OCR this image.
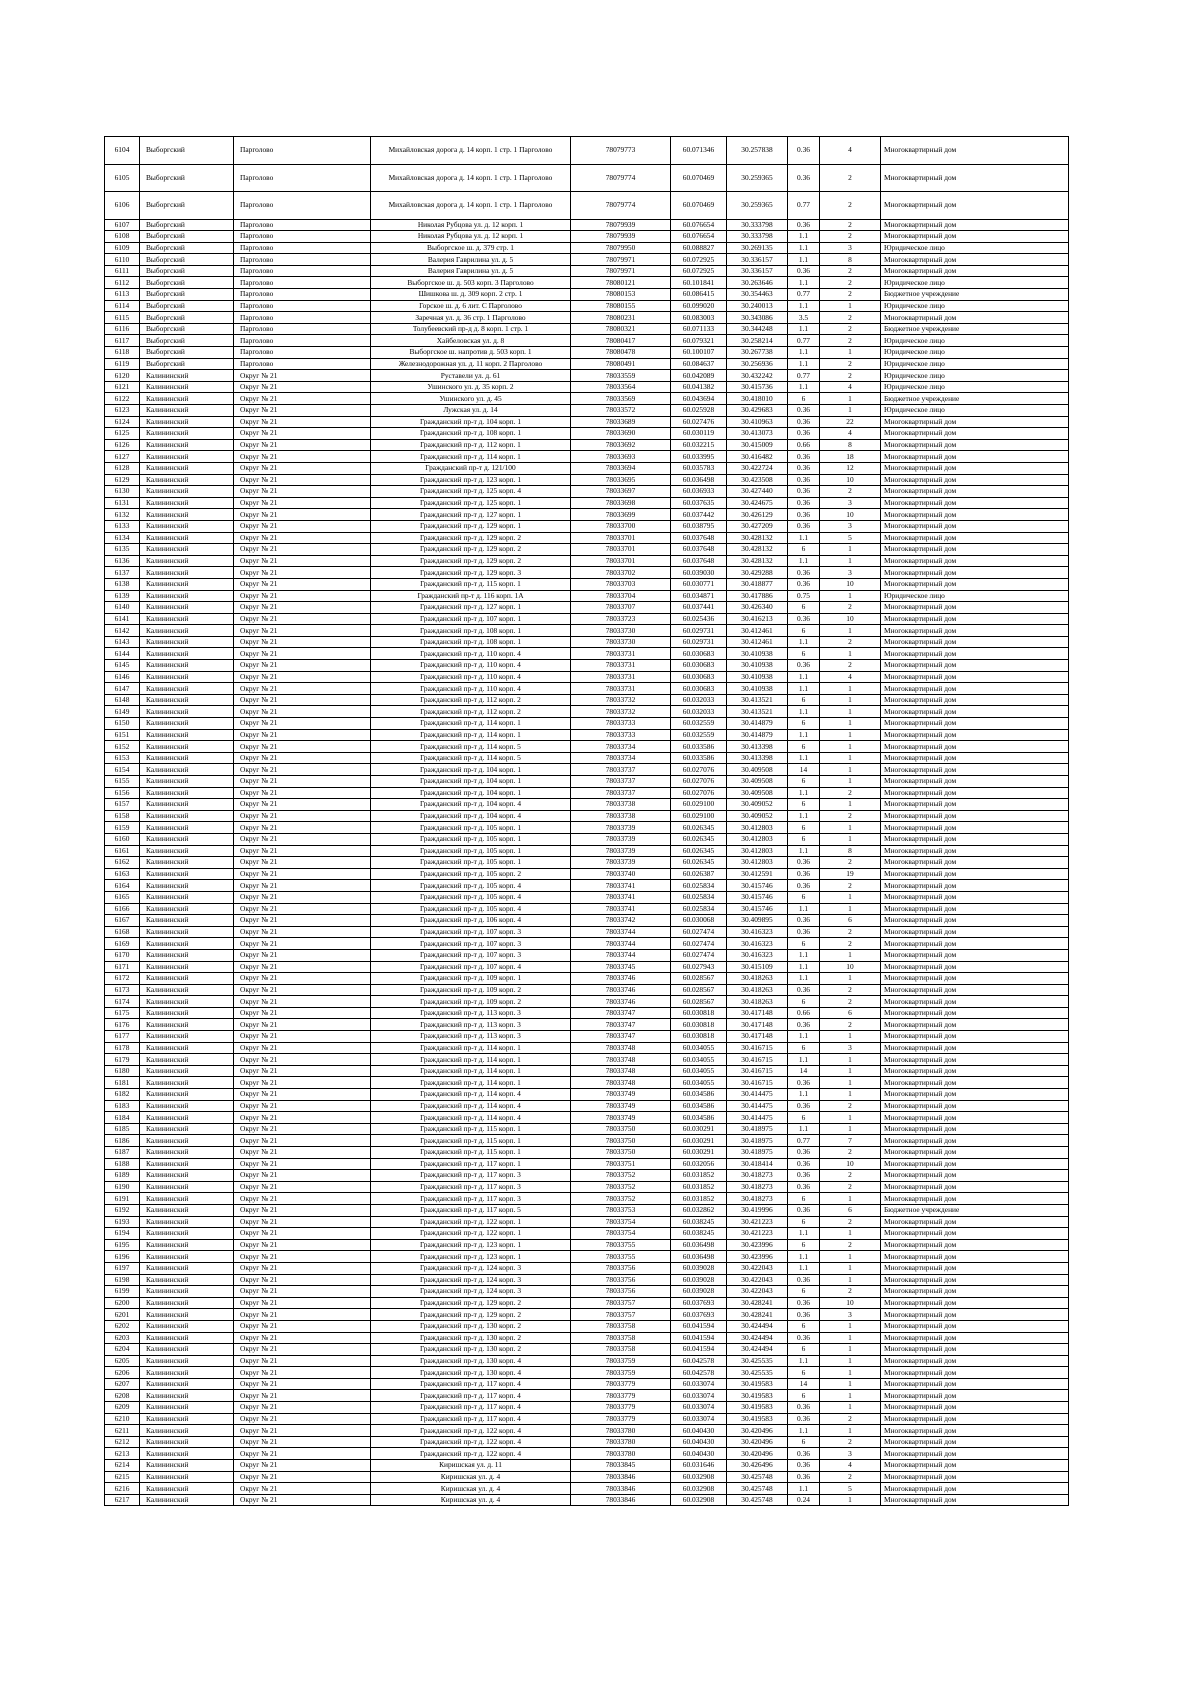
6104	Выборгский	Парголово	Михайловская дорога д. 14 корп. 1 стр. 1 Парголово	78079773	60.071346	30.257838	0.36	4	Многоквартирный дом
6105	Выборгский	Парголово	Михайловская дорога д. 14 корп. 1 стр. 1 Парголово	78079774	60.070469	30.259365	0.36	2	Многоквартирный дом
6106	Выборгский	Парголово	Михайловская дорога д. 14 корп. 1 стр. 1 Парголово	78079774	60.070469	30.259365	0.77	2	Многоквартирный дом
6107	Выборгский	Парголово	Николая Рубцова ул. д. 12 корп. 1	78079939	60.076654	30.333798	0.36	2	Многоквартирный дом
6108	Выборгский	Парголово	Николая Рубцова ул. д. 12 корп. 1	78079939	60.076654	30.333798	1.1	2	Многоквартирный дом
6109	Выборгский	Парголово	Выборгское ш. д. 379 стр. 1	78079950	60.088827	30.269135	1.1	3	Юридическое лицо
6110	Выборгский	Парголово	Валерия Гаврилина ул. д. 5	78079971	60.072925	30.336157	1.1	8	Многоквартирный дом
6111	Выборгский	Парголово	Валерия Гаврилина ул. д. 5	78079971	60.072925	30.336157	0.36	2	Многоквартирный дом
6112	Выборгский	Парголово	Выборгское ш. д. 503 корп. 3 Парголово	78080121	60.101841	30.263646	1.1	2	Юридическое лицо
6113	Выборгский	Парголово	Шишкова ш. д. 309 корп. 2 стр. 1	78080153	60.086415	30.354463	0.77	2	Бюджетное учреждение
6114	Выборгский	Парголово	Горское ш. д. 6 лит. С Парголово	78080155	60.099020	30.240013	1.1	1	Юридическое лицо
6115	Выборгский	Парголово	Заречная ул. д. 36 стр. 1 Парголово	78080231	60.083003	30.343086	3.5	2	Многоквартирный дом
6116	Выборгский	Парголово	Толубеевский пр-д д. 8 корп. 1 стр. 1	78080321	60.071133	30.344248	1.1	2	Бюджетное учреждение
6117	Выборгский	Парголово	Хайбеловская ул. д. 8	78080417	60.079321	30.258214	0.77	2	Юридическое лицо
6118	Выборгский	Парголово	Выборгское ш. напротив д. 503 корп. 1	78080478	60.100107	30.267738	1.1	1	Юридическое лицо
6119	Выборгский	Парголово	Железнодорожная ул. д. 11 корп. 2 Парголово	78080491	60.084637	30.256936	1.1	2	Юридическое лицо
6120	Калининский	Округ № 21	Руставели ул. д. 61	78033559	60.042089	30.432242	0.77	2	Юридическое лицо
6121	Калининский	Округ № 21	Ушинского ул. д. 35 корп. 2	78033564	60.041382	30.415736	1.1	4	Юридическое лицо
6122	Калининский	Округ № 21	Ушинского ул. д. 45	78033569	60.043694	30.418010	6	1	Бюджетное учреждение
6123	Калининский	Округ № 21	Лужская ул. д. 14	78033572	60.025928	30.429683	0.36	1	Юридическое лицо
6124	Калининский	Округ № 21	Гражданский пр-т д. 104 корп. 1	78033689	60.027476	30.410963	0.36	22	Многоквартирный дом
6125	Калининский	Округ № 21	Гражданский пр-т д. 108 корп. 1	78033690	60.030119	30.413073	0.36	4	Многоквартирный дом
6126	Калининский	Округ № 21	Гражданский пр-т д. 112 корп. 1	78033692	60.032215	30.415009	0.66	8	Многоквартирный дом
6127	Калининский	Округ № 21	Гражданский пр-т д. 114 корп. 1	78033693	60.033995	30.416482	0.36	18	Многоквартирный дом
6128	Калининский	Округ № 21	Гражданский пр-т д. 121/100	78033694	60.035783	30.422724	0.36	12	Многоквартирный дом
6129	Калининский	Округ № 21	Гражданский пр-т д. 123 корп. 1	78033695	60.036498	30.423508	0.36	10	Многоквартирный дом
6130	Калининский	Округ № 21	Гражданский пр-т д. 125 корп. 4	78033697	60.036933	30.427440	0.36	2	Многоквартирный дом
6131	Калининский	Округ № 21	Гражданский пр-т д. 125 корп. 1	78033698	60.037635	30.424675	0.36	3	Многоквартирный дом
6132	Калининский	Округ № 21	Гражданский пр-т д. 127 корп. 1	78033699	60.037442	30.426129	0.36	10	Многоквартирный дом
6133	Калининский	Округ № 21	Гражданский пр-т д. 129 корп. 1	78033700	60.038795	30.427209	0.36	3	Многоквартирный дом
6134	Калининский	Округ № 21	Гражданский пр-т д. 129 корп. 2	78033701	60.037648	30.428132	1.1	5	Многоквартирный дом
6135	Калининский	Округ № 21	Гражданский пр-т д. 129 корп. 2	78033701	60.037648	30.428132	6	1	Многоквартирный дом
6136	Калининский	Округ № 21	Гражданский пр-т д. 129 корп. 2	78033701	60.037648	30.428132	1.1	1	Многоквартирный дом
6137	Калининский	Округ № 21	Гражданский пр-т д. 129 корп. 3	78033702	60.039030	30.429288	0.36	3	Многоквартирный дом
6138	Калининский	Округ № 21	Гражданский пр-т д. 115 корп. 1	78033703	60.030771	30.418877	0.36	10	Многоквартирный дом
6139	Калининский	Округ № 21	Гражданский пр-т д. 116 корп. 1А	78033704	60.034871	30.417886	0.75	1	Юридическое лицо
6140	Калининский	Округ № 21	Гражданский пр-т д. 127 корп. 1	78033707	60.037441	30.426340	6	2	Многоквартирный дом
6141	Калининский	Округ № 21	Гражданский пр-т д. 107 корп. 1	78033723	60.025436	30.416213	0.36	10	Многоквартирный дом
6142	Калининский	Округ № 21	Гражданский пр-т д. 108 корп. 1	78033730	60.029731	30.412461	6	1	Многоквартирный дом
6143	Калининский	Округ № 21	Гражданский пр-т д. 108 корп. 1	78033730	60.029731	30.412461	1.1	2	Многоквартирный дом
6144	Калининский	Округ № 21	Гражданский пр-т д. 110 корп. 4	78033731	60.030683	30.410938	6	1	Многоквартирный дом
6145	Калининский	Округ № 21	Гражданский пр-т д. 110 корп. 4	78033731	60.030683	30.410938	0.36	2	Многоквартирный дом
6146	Калининский	Округ № 21	Гражданский пр-т д. 110 корп. 4	78033731	60.030683	30.410938	1.1	4	Многоквартирный дом
6147	Калининский	Округ № 21	Гражданский пр-т д. 110 корп. 4	78033731	60.030683	30.410938	1.1	1	Многоквартирный дом
6148	Калининский	Округ № 21	Гражданский пр-т д. 112 корп. 2	78033732	60.032033	30.413521	6	1	Многоквартирный дом
6149	Калининский	Округ № 21	Гражданский пр-т д. 112 корп. 2	78033732	60.032033	30.413521	1.1	1	Многоквартирный дом
6150	Калининский	Округ № 21	Гражданский пр-т д. 114 корп. 1	78033733	60.032559	30.414879	6	1	Многоквартирный дом
6151	Калининский	Округ № 21	Гражданский пр-т д. 114 корп. 1	78033733	60.032559	30.414879	1.1	1	Многоквартирный дом
6152	Калининский	Округ № 21	Гражданский пр-т д. 114 корп. 5	78033734	60.033586	30.413398	6	1	Многоквартирный дом
6153	Калининский	Округ № 21	Гражданский пр-т д. 114 корп. 5	78033734	60.033586	30.413398	1.1	1	Многоквартирный дом
6154	Калининский	Округ № 21	Гражданский пр-т д. 104 корп. 1	78033737	60.027076	30.409508	14	1	Многоквартирный дом
6155	Калининский	Округ № 21	Гражданский пр-т д. 104 корп. 1	78033737	60.027076	30.409508	6	1	Многоквартирный дом
6156	Калининский	Округ № 21	Гражданский пр-т д. 104 корп. 1	78033737	60.027076	30.409508	1.1	2	Многоквартирный дом
6157	Калининский	Округ № 21	Гражданский пр-т д. 104 корп. 4	78033738	60.029100	30.409052	6	1	Многоквартирный дом
6158	Калининский	Округ № 21	Гражданский пр-т д. 104 корп. 4	78033738	60.029100	30.409052	1.1	2	Многоквартирный дом
6159	Калининский	Округ № 21	Гражданский пр-т д. 105 корп. 1	78033739	60.026345	30.412803	6	1	Многоквартирный дом
6160	Калининский	Округ № 21	Гражданский пр-т д. 105 корп. 1	78033739	60.026345	30.412803	6	1	Многоквартирный дом
6161	Калининский	Округ № 21	Гражданский пр-т д. 105 корп. 1	78033739	60.026345	30.412803	1.1	8	Многоквартирный дом
6162	Калининский	Округ № 21	Гражданский пр-т д. 105 корп. 1	78033739	60.026345	30.412803	0.36	2	Многоквартирный дом
6163	Калининский	Округ № 21	Гражданский пр-т д. 105 корп. 2	78033740	60.026387	30.412591	0.36	19	Многоквартирный дом
6164	Калининский	Округ № 21	Гражданский пр-т д. 105 корп. 4	78033741	60.025834	30.415746	0.36	2	Многоквартирный дом
6165	Калининский	Округ № 21	Гражданский пр-т д. 105 корп. 4	78033741	60.025834	30.415746	6	1	Многоквартирный дом
6166	Калининский	Округ № 21	Гражданский пр-т д. 105 корп. 4	78033741	60.025834	30.415746	1.1	1	Многоквартирный дом
6167	Калининский	Округ № 21	Гражданский пр-т д. 106 корп. 4	78033742	60.030068	30.409895	0.36	6	Многоквартирный дом
6168	Калининский	Округ № 21	Гражданский пр-т д. 107 корп. 3	78033744	60.027474	30.416323	0.36	2	Многоквартирный дом
6169	Калининский	Округ № 21	Гражданский пр-т д. 107 корп. 3	78033744	60.027474	30.416323	6	2	Многоквартирный дом
6170	Калининский	Округ № 21	Гражданский пр-т д. 107 корп. 3	78033744	60.027474	30.416323	1.1	1	Многоквартирный дом
6171	Калининский	Округ № 21	Гражданский пр-т д. 107 корп. 4	78033745	60.027943	30.415109	1.1	10	Многоквартирный дом
6172	Калининский	Округ № 21	Гражданский пр-т д. 109 корп. 1	78033746	60.028567	30.418263	1.1	1	Многоквартирный дом
6173	Калининский	Округ № 21	Гражданский пр-т д. 109 корп. 2	78033746	60.028567	30.418263	0.36	2	Многоквартирный дом
6174	Калининский	Округ № 21	Гражданский пр-т д. 109 корп. 2	78033746	60.028567	30.418263	6	2	Многоквартирный дом
6175	Калининский	Округ № 21	Гражданский пр-т д. 113 корп. 3	78033747	60.030818	30.417148	0.66	6	Многоквартирный дом
6176	Калининский	Округ № 21	Гражданский пр-т д. 113 корп. 3	78033747	60.030818	30.417148	0.36	2	Многоквартирный дом
6177	Калининский	Округ № 21	Гражданский пр-т д. 113 корп. 3	78033747	60.030818	30.417148	1.1	1	Многоквартирный дом
6178	Калининский	Округ № 21	Гражданский пр-т д. 114 корп. 1	78033748	60.034055	30.416715	6	3	Многоквартирный дом
6179	Калининский	Округ № 21	Гражданский пр-т д. 114 корп. 1	78033748	60.034055	30.416715	1.1	1	Многоквартирный дом
6180	Калининский	Округ № 21	Гражданский пр-т д. 114 корп. 1	78033748	60.034055	30.416715	14	1	Многоквартирный дом
6181	Калининский	Округ № 21	Гражданский пр-т д. 114 корп. 1	78033748	60.034055	30.416715	0.36	1	Многоквартирный дом
6182	Калининский	Округ № 21	Гражданский пр-т д. 114 корп. 4	78033749	60.034586	30.414475	1.1	1	Многоквартирный дом
6183	Калининский	Округ № 21	Гражданский пр-т д. 114 корп. 4	78033749	60.034586	30.414475	0.36	2	Многоквартирный дом
6184	Калининский	Округ № 21	Гражданский пр-т д. 114 корп. 4	78033749	60.034586	30.414475	6	1	Многоквартирный дом
6185	Калининский	Округ № 21	Гражданский пр-т д. 115 корп. 1	78033750	60.030291	30.418975	1.1	1	Многоквартирный дом
6186	Калининский	Округ № 21	Гражданский пр-т д. 115 корп. 1	78033750	60.030291	30.418975	0.77	7	Многоквартирный дом
6187	Калининский	Округ № 21	Гражданский пр-т д. 115 корп. 1	78033750	60.030291	30.418975	0.36	2	Многоквартирный дом
6188	Калининский	Округ № 21	Гражданский пр-т д. 117 корп. 1	78033751	60.032056	30.418414	0.36	10	Многоквартирный дом
6189	Калининский	Округ № 21	Гражданский пр-т д. 117 корп. 3	78033752	60.031852	30.418273	0.36	2	Многоквартирный дом
6190	Калининский	Округ № 21	Гражданский пр-т д. 117 корп. 3	78033752	60.031852	30.418273	0.36	2	Многоквартирный дом
6191	Калининский	Округ № 21	Гражданский пр-т д. 117 корп. 3	78033752	60.031852	30.418273	6	1	Многоквартирный дом
6192	Калининский	Округ № 21	Гражданский пр-т д. 117 корп. 5	78033753	60.032862	30.419996	0.36	6	Бюджетное учреждение
6193	Калининский	Округ № 21	Гражданский пр-т д. 122 корп. 1	78033754	60.038245	30.421223	6	2	Многоквартирный дом
6194	Калининский	Округ № 21	Гражданский пр-т д. 122 корп. 1	78033754	60.038245	30.421223	1.1	1	Многоквартирный дом
6195	Калининский	Округ № 21	Гражданский пр-т д. 123 корп. 1	78033755	60.036498	30.423996	6	2	Многоквартирный дом
6196	Калининский	Округ № 21	Гражданский пр-т д. 123 корп. 1	78033755	60.036498	30.423996	1.1	1	Многоквартирный дом
6197	Калининский	Округ № 21	Гражданский пр-т д. 124 корп. 3	78033756	60.039028	30.422043	1.1	1	Многоквартирный дом
6198	Калининский	Округ № 21	Гражданский пр-т д. 124 корп. 3	78033756	60.039028	30.422043	0.36	1	Многоквартирный дом
6199	Калининский	Округ № 21	Гражданский пр-т д. 124 корп. 3	78033756	60.039028	30.422043	6	2	Многоквартирный дом
6200	Калининский	Округ № 21	Гражданский пр-т д. 129 корп. 2	78033757	60.037693	30.428241	0.36	10	Многоквартирный дом
6201	Калининский	Округ № 21	Гражданский пр-т д. 129 корп. 2	78033757	60.037693	30.428241	0.36	3	Многоквартирный дом
6202	Калининский	Округ № 21	Гражданский пр-т д. 130 корп. 2	78033758	60.041594	30.424494	6	1	Многоквартирный дом
6203	Калининский	Округ № 21	Гражданский пр-т д. 130 корп. 2	78033758	60.041594	30.424494	0.36	1	Многоквартирный дом
6204	Калининский	Округ № 21	Гражданский пр-т д. 130 корп. 2	78033758	60.041594	30.424494	6	1	Многоквартирный дом
6205	Калининский	Округ № 21	Гражданский пр-т д. 130 корп. 4	78033759	60.042578	30.425535	1.1	1	Многоквартирный дом
6206	Калининский	Округ № 21	Гражданский пр-т д. 130 корп. 4	78033759	60.042578	30.425535	6	1	Многоквартирный дом
6207	Калининский	Округ № 21	Гражданский пр-т д. 117 корп. 4	78033779	60.033074	30.419583	14	1	Многоквартирный дом
6208	Калининский	Округ № 21	Гражданский пр-т д. 117 корп. 4	78033779	60.033074	30.419583	6	1	Многоквартирный дом
6209	Калининский	Округ № 21	Гражданский пр-т д. 117 корп. 4	78033779	60.033074	30.419583	0.36	1	Многоквартирный дом
6210	Калининский	Округ № 21	Гражданский пр-т д. 117 корп. 4	78033779	60.033074	30.419583	0.36	2	Многоквартирный дом
6211	Калининский	Округ № 21	Гражданский пр-т д. 122 корп. 4	78033780	60.040430	30.420496	1.1	1	Многоквартирный дом
6212	Калининский	Округ № 21	Гражданский пр-т д. 122 корп. 4	78033780	60.040430	30.420496	6	2	Многоквартирный дом
6213	Калининский	Округ № 21	Гражданский пр-т д. 122 корп. 4	78033780	60.040430	30.420496	0.36	3	Многоквартирный дом
6214	Калининский	Округ № 21	Киришская ул. д. 11	78033845	60.031646	30.426496	0.36	4	Многоквартирный дом
6215	Калининский	Округ № 21	Киришская ул. д. 4	78033846	60.032908	30.425748	0.36	2	Многоквартирный дом
6216	Калининский	Округ № 21	Киришская ул. д. 4	78033846	60.032908	30.425748	1.1	5	Многоквартирный дом
6217	Калининский	Округ № 21	Киришская ул. д. 4	78033846	60.032908	30.425748	0.24	1	Многоквартирный дом
